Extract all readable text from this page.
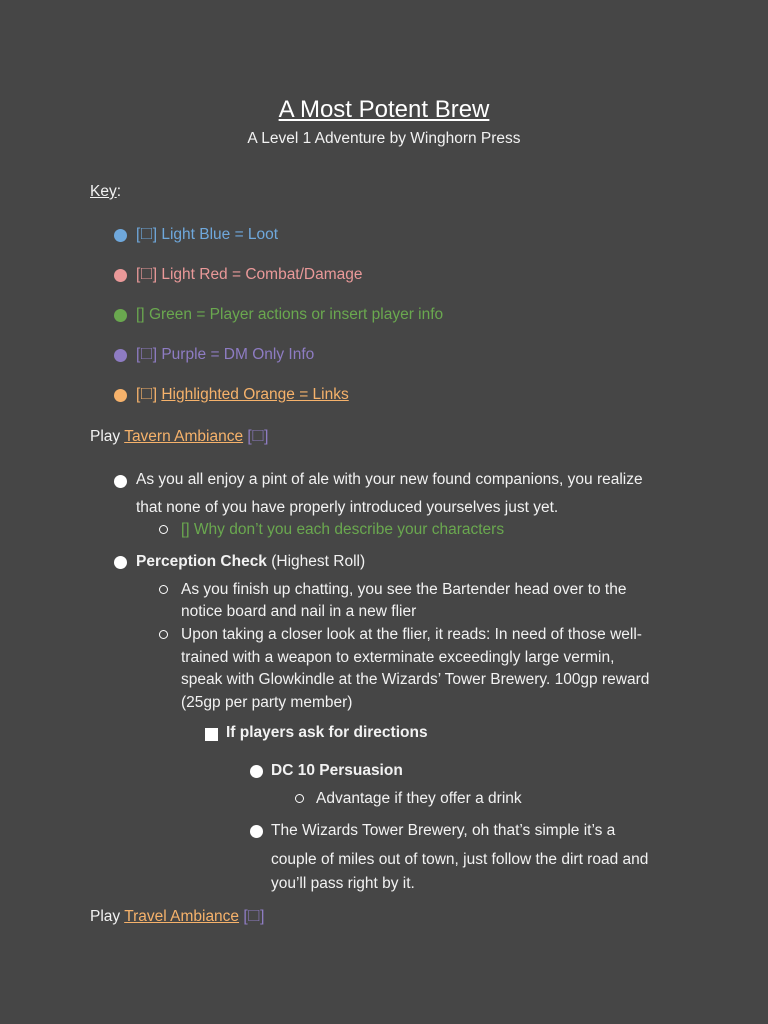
A Most Potent Brew
A Level 1 Adventure by Winghorn Press
Key:
[🞎] Light Blue = Loot
[🞎] Light Red = Combat/Damage
[] Green = Player actions or insert player info
[🞎] Purple = DM Only Info
[🞎] Highlighted Orange = Links
Play Tavern Ambiance [🞎]
As you all enjoy a pint of ale with your new found companions, you realize
that none of you have properly introduced yourselves just yet.
[] Why don’t you each describe your characters
Perception Check (Highest Roll)
As you finish up chatting, you see the Bartender head over to the
notice board and nail in a new flier
Upon taking a closer look at the flier, it reads: In need of those well-
trained with a weapon to exterminate exceedingly large vermin,
speak with Glowkindle at the Wizards’ Tower Brewery. 100gp reward
(25gp per party member)
If players ask for directions
DC 10 Persuasion
Advantage if they offer a drink
The Wizards Tower Brewery, oh that’s simple it’s a
couple of miles out of town, just follow the dirt road and
you’ll pass right by it.
Play Travel Ambiance [🞎]
